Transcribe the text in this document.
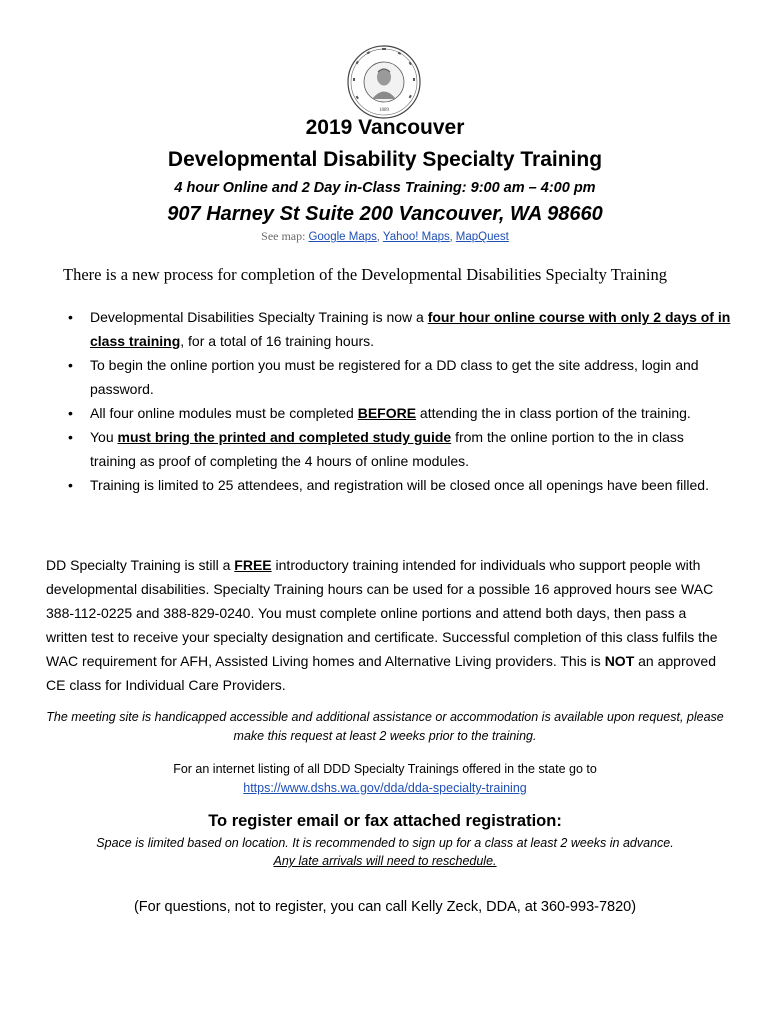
1889
2019 Vancouver
Developmental Disability Specialty Training
4 hour Online and 2 Day in-Class Training: 9:00 am – 4:00 pm
907 Harney St Suite 200 Vancouver, WA 98660
See map: Google Maps, Yahoo! Maps, MapQuest
There is a new process for completion of the Developmental Disabilities Specialty Training
• Developmental Disabilities Specialty Training is now a four hour online course with only 2 days of in class training, for a total of 16 training hours.
• To begin the online portion you must be registered for a DD class to get the site address, login and password.
• All four online modules must be completed BEFORE attending the in class portion of the training.
• You must bring the printed and completed study guide from the online portion to the in class training as proof of completing the 4 hours of online modules.
• Training is limited to 25 attendees, and registration will be closed once all openings have been filled.
DD Specialty Training is still a FREE introductory training intended for individuals who support people with developmental disabilities. Specialty Training hours can be used for a possible 16 approved hours see WAC 388-112-0225 and 388-829-0240. You must complete online portions and attend both days, then pass a written test to receive your specialty designation and certificate. Successful completion of this class fulfils the WAC requirement for AFH, Assisted Living homes and Alternative Living providers. This is NOT an approved CE class for Individual Care Providers.
The meeting site is handicapped accessible and additional assistance or accommodation is available upon request, please make this request at least 2 weeks prior to the training.
For an internet listing of all DDD Specialty Trainings offered in the state go to
https://www.dshs.wa.gov/dda/dda-specialty-training
To register email or fax attached registration:
Space is limited based on location. It is recommended to sign up for a class at least 2 weeks in advance.
Any late arrivals will need to reschedule.
(For questions, not to register, you can call Kelly Zeck, DDA, at 360-993-7820)
